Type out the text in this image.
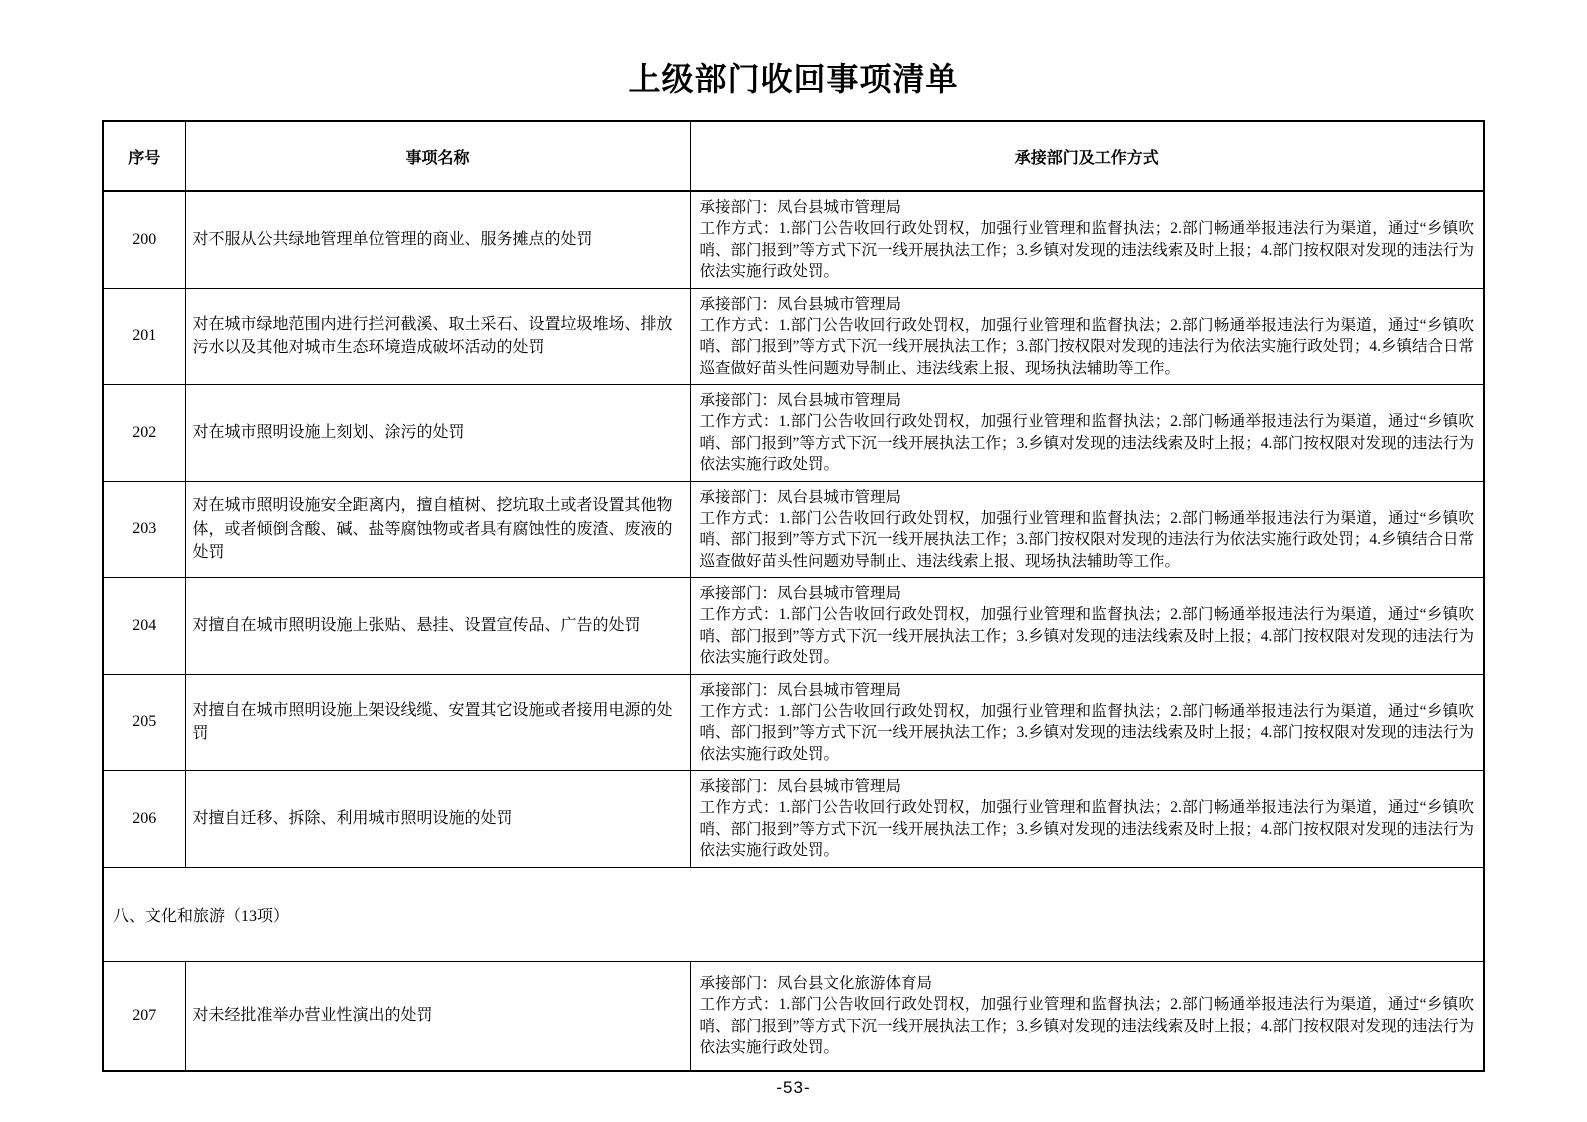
上级部门收回事项清单
序号	事项名称	承接部门及工作方式
200	对不服从公共绿地管理单位管理的商业、服务摊点的处罚	承接部门：凤台县城市管理局
工作方式：1.部门公告收回行政处罚权，加强行业管理和监督执法；2.部门畅通举报违法行为渠道，通过“乡镇吹哨、部门报到”等方式下沉一线开展执法工作；3.乡镇对发现的违法线索及时上报；4.部门按权限对发现的违法行为依法实施行政处罚。

201	对在城市绿地范围内进行拦河截溪、取土采石、设置垃圾堆场、排放污水以及其他对城市生态环境造成破坏活动的处罚	承接部门：凤台县城市管理局
工作方式：1.部门公告收回行政处罚权，加强行业管理和监督执法；2.部门畅通举报违法行为渠道，通过“乡镇吹哨、部门报到”等方式下沉一线开展执法工作；3.部门按权限对发现的违法行为依法实施行政处罚；4.乡镇结合日常巡查做好苗头性问题劝导制止、违法线索上报、现场执法辅助等工作。

202	对在城市照明设施上刻划、涂污的处罚	承接部门：凤台县城市管理局
工作方式：1.部门公告收回行政处罚权，加强行业管理和监督执法；2.部门畅通举报违法行为渠道，通过“乡镇吹哨、部门报到”等方式下沉一线开展执法工作；3.乡镇对发现的违法线索及时上报；4.部门按权限对发现的违法行为依法实施行政处罚。

203	对在城市照明设施安全距离内，擅自植树、挖坑取土或者设置其他物体，或者倾倒含酸、碱、盐等腐蚀物或者具有腐蚀性的废渣、废液的处罚	承接部门：凤台县城市管理局
工作方式：1.部门公告收回行政处罚权，加强行业管理和监督执法；2.部门畅通举报违法行为渠道，通过“乡镇吹哨、部门报到”等方式下沉一线开展执法工作；3.部门按权限对发现的违法行为依法实施行政处罚；4.乡镇结合日常巡查做好苗头性问题劝导制止、违法线索上报、现场执法辅助等工作。

204	对擅自在城市照明设施上张贴、悬挂、设置宣传品、广告的处罚	承接部门：凤台县城市管理局
工作方式：1.部门公告收回行政处罚权，加强行业管理和监督执法；2.部门畅通举报违法行为渠道，通过“乡镇吹哨、部门报到”等方式下沉一线开展执法工作；3.乡镇对发现的违法线索及时上报；4.部门按权限对发现的违法行为依法实施行政处罚。

205	对擅自在城市照明设施上架设线缆、安置其它设施或者接用电源的处罚	承接部门：凤台县城市管理局
工作方式：1.部门公告收回行政处罚权，加强行业管理和监督执法；2.部门畅通举报违法行为渠道，通过“乡镇吹哨、部门报到”等方式下沉一线开展执法工作；3.乡镇对发现的违法线索及时上报；4.部门按权限对发现的违法行为依法实施行政处罚。

206	对擅自迁移、拆除、利用城市照明设施的处罚	承接部门：凤台县城市管理局
工作方式：1.部门公告收回行政处罚权，加强行业管理和监督执法；2.部门畅通举报违法行为渠道，通过“乡镇吹哨、部门报到”等方式下沉一线开展执法工作；3.乡镇对发现的违法线索及时上报；4.部门按权限对发现的违法行为依法实施行政处罚。

八、文化和旅游（13项）		
207	对未经批准举办营业性演出的处罚	承接部门：凤台县文化旅游体育局
工作方式：1.部门公告收回行政处罚权，加强行业管理和监督执法；2.部门畅通举报违法行为渠道，通过“乡镇吹哨、部门报到”等方式下沉一线开展执法工作；3.乡镇对发现的违法线索及时上报；4.部门按权限对发现的违法行为依法实施行政处罚。
-53-
